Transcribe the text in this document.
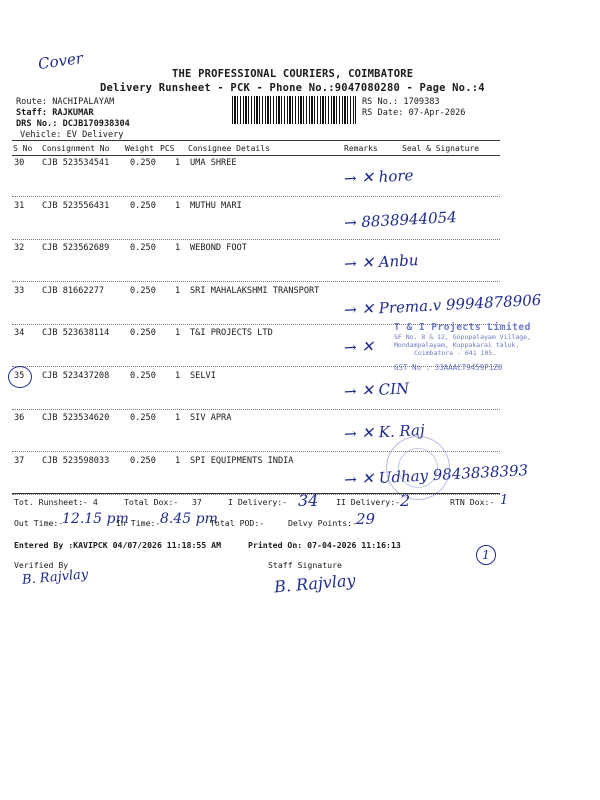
Cover
THE PROFESSIONAL COURIERS, COIMBATORE
Delivery Runsheet - PCK - Phone No.:9047080280 - Page No.:4
Route: NACHIPALAYAM
Staff: RAJKUMAR
DRS No.: DCJB170938304
Vehicle: EV Delivery
RS No.: 1709383
RS Date: 07-Apr-2026
S No Consignment No Weight PCS Consignee Details	Remarks	Seal & Signature
30 CJB 523534541 0.250 1 UMA SHREE
→ ✕ hore
31 CJB 523556431 0.250 1 MUTHU MARI
→ 8838944054
32 CJB 523562689 0.250 1 WEBOND FOOT
→ ✕ Anbu
33 CJB 81662277	0.250 1 SRI MAHALAKSHMI TRANSPORT → ✕ Prema.v 9994878906
34 CJB 523638114 0.250 1 T&I PROJECTS LTD
→ ✕
35 CJB 523437208 0.250 1 SELVI
→ ✕ CIN
36 CJB 523534620 0.250 1 SIV APRA
→ ✕ K. Raj
37 CJB 523598033 0.250 1 SPI EQUIPMENTS INDIA
→ ✕ Udhay 9843838393
T & I Projects Limited
SF No. 8 & 12, Gopupalayam Village,
Mondampalayam, Kuppakarai taluk,
Coimbatore - 641 105.
GST No : 33AAACT9459P1Z0
Tot. Runsheet:- 4	Total Dox:- 37	I Delivery:- 34 II Delivery:- 2	RTN Dox:- 1
Out Time:-
12.15 pm
In Time:- 8.45 pm
Total POD:-	Delvy Points:-
29
Entered By :KAVIPCK 04/07/2026 11:18:55 AM	Printed On: 07-04-2026 11:16:13
1
Verified By	Staff Signature
B. Rajvlay	B. Rajvlay
